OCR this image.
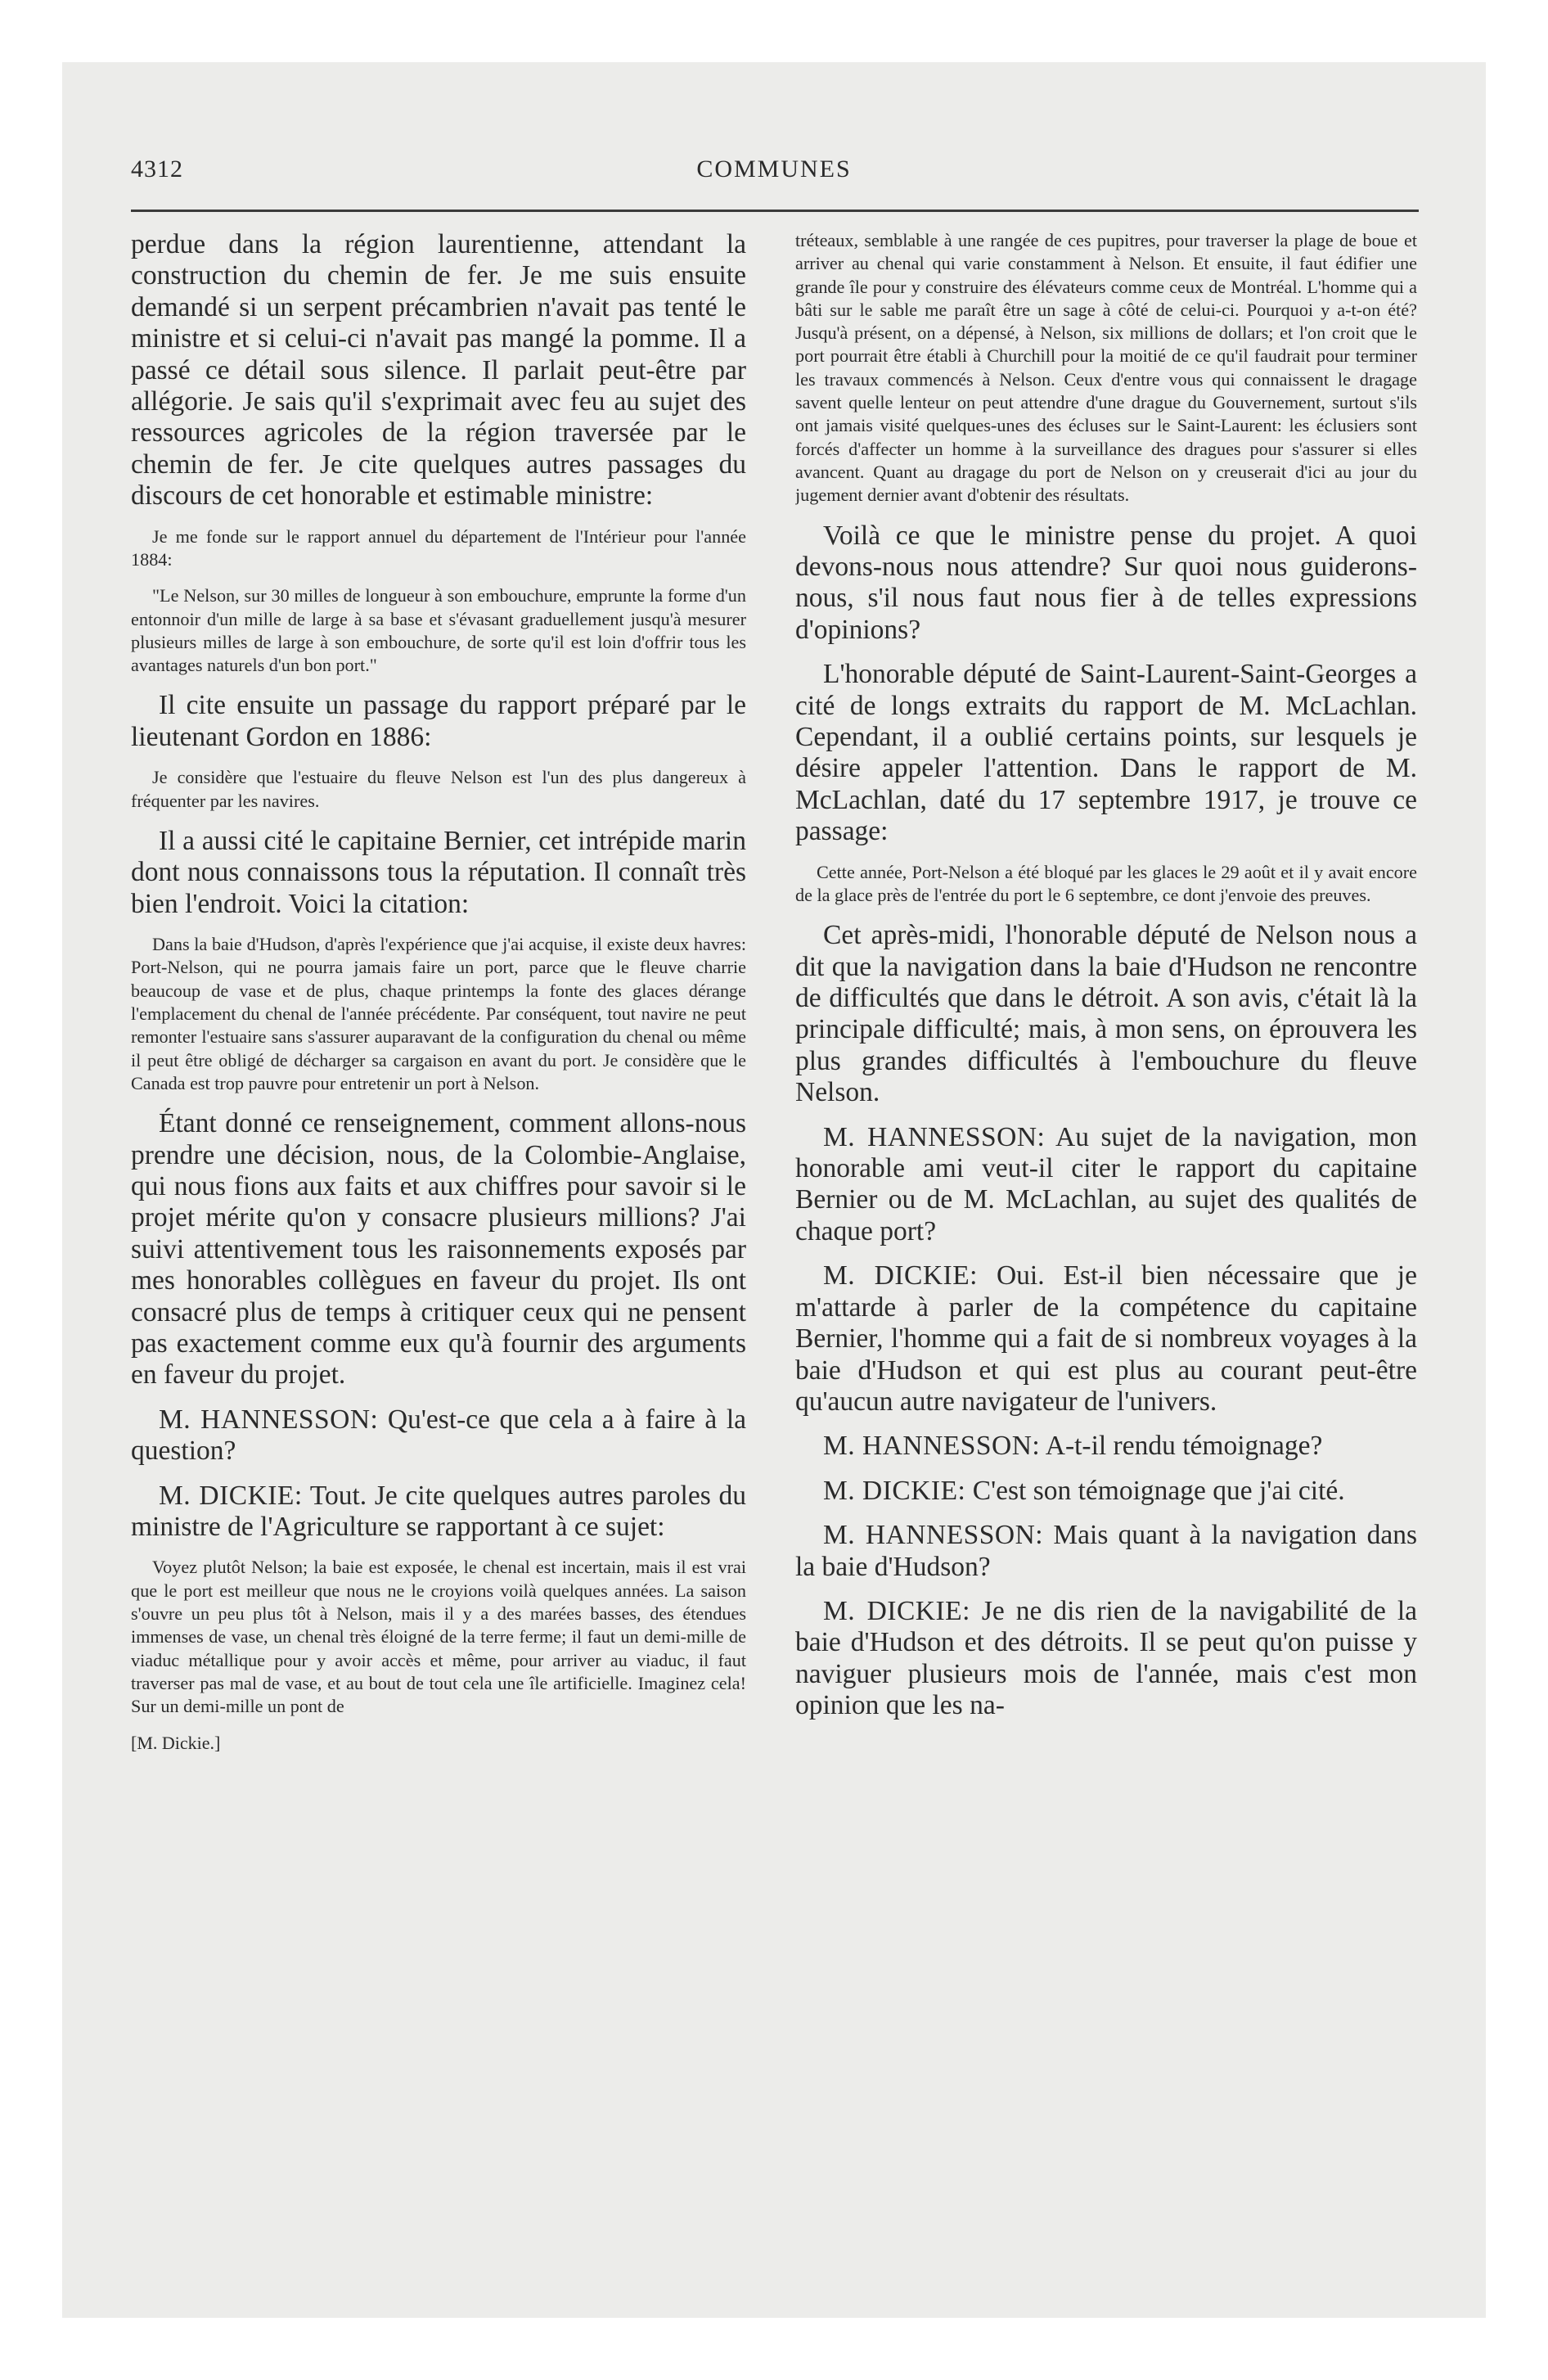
4312	COMMUNES

perdue dans la région laurentienne, attendant la construction du chemin de fer. Je me suis ensuite demandé si un serpent précambrien n'avait pas tenté le ministre et si celui-ci n'avait pas mangé la pomme. Il a passé ce détail sous silence. Il parlait peut-être par allégorie. Je sais qu'il s'exprimait avec feu au sujet des ressources agricoles de la région traversée par le chemin de fer. Je cite quelques autres passages du discours de cet honorable et estimable ministre:

Je me fonde sur le rapport annuel du département de l'Intérieur pour l'année 1884:

"Le Nelson, sur 30 milles de longueur à son embouchure, emprunte la forme d'un entonnoir d'un mille de large à sa base et s'évasant graduellement jusqu'à mesurer plusieurs milles de large à son embouchure, de sorte qu'il est loin d'offrir tous les avantages naturels d'un bon port."

Il cite ensuite un passage du rapport préparé par le lieutenant Gordon en 1886:

Je considère que l'estuaire du fleuve Nelson est l'un des plus dangereux à fréquenter par les navires.

Il a aussi cité le capitaine Bernier, cet intrépide marin dont nous connaissons tous la réputation. Il connaît très bien l'endroit. Voici la citation:

Dans la baie d'Hudson, d'après l'expérience que j'ai acquise, il existe deux havres: Port-Nelson, qui ne pourra jamais faire un port, parce que le fleuve charrie beaucoup de vase et de plus, chaque printemps la fonte des glaces dérange l'emplacement du chenal de l'année précédente. Par conséquent, tout navire ne peut remonter l'estuaire sans s'assurer auparavant de la configuration du chenal ou même il peut être obligé de décharger sa cargaison en avant du port. Je considère que le Canada est trop pauvre pour entretenir un port à Nelson.

Étant donné ce renseignement, comment allons-nous prendre une décision, nous, de la Colombie-Anglaise, qui nous fions aux faits et aux chiffres pour savoir si le projet mérite qu'on y consacre plusieurs millions? J'ai suivi attentivement tous les raisonnements exposés par mes honorables collègues en faveur du projet. Ils ont consacré plus de temps à critiquer ceux qui ne pensent pas exactement comme eux qu'à fournir des arguments en faveur du projet.

M. HANNESSON: Qu'est-ce que cela a à faire à la question?

M. DICKIE: Tout. Je cite quelques autres paroles du ministre de l'Agriculture se rapportant à ce sujet:

Voyez plutôt Nelson; la baie est exposée, le chenal est incertain, mais il est vrai que le port est meilleur que nous ne le croyions voilà quelques années. La saison s'ouvre un peu plus tôt à Nelson, mais il y a des marées basses, des étendues immenses de vase, un chenal très éloigné de la terre ferme; il faut un demi-mille de viaduc métallique pour y avoir accès et même, pour arriver au viaduc, il faut traverser pas mal de vase, et au bout de tout cela une île artificielle. Imaginez cela! Sur un demi-mille un pont de

[M. Dickie.]

tréteaux, semblable à une rangée de ces pupitres, pour traverser la plage de boue et arriver au chenal qui varie constamment à Nelson. Et ensuite, il faut édifier une grande île pour y construire des élévateurs comme ceux de Montréal. L'homme qui a bâti sur le sable me paraît être un sage à côté de celui-ci. Pourquoi y a-t-on été? Jusqu'à présent, on a dépensé, à Nelson, six millions de dollars; et l'on croit que le port pourrait être établi à Churchill pour la moitié de ce qu'il faudrait pour terminer les travaux commencés à Nelson. Ceux d'entre vous qui connaissent le dragage savent quelle lenteur on peut attendre d'une drague du Gouvernement, surtout s'ils ont jamais visité quelques-unes des écluses sur le Saint-Laurent: les éclusiers sont forcés d'affecter un homme à la surveillance des dragues pour s'assurer si elles avancent. Quant au dragage du port de Nelson on y creuserait d'ici au jour du jugement dernier avant d'obtenir des résultats.

Voilà ce que le ministre pense du projet. A quoi devons-nous nous attendre? Sur quoi nous guiderons-nous, s'il nous faut nous fier à de telles expressions d'opinions?

L'honorable député de Saint-Laurent-Saint-Georges a cité de longs extraits du rapport de M. McLachlan. Cependant, il a oublié certains points, sur lesquels je désire appeler l'attention. Dans le rapport de M. McLachlan, daté du 17 septembre 1917, je trouve ce passage:

Cette année, Port-Nelson a été bloqué par les glaces le 29 août et il y avait encore de la glace près de l'entrée du port le 6 septembre, ce dont j'envoie des preuves.

Cet après-midi, l'honorable député de Nelson nous a dit que la navigation dans la baie d'Hudson ne rencontre de difficultés que dans le détroit. A son avis, c'était là la principale difficulté; mais, à mon sens, on éprouvera les plus grandes difficultés à l'embouchure du fleuve Nelson.

M. HANNESSON: Au sujet de la navigation, mon honorable ami veut-il citer le rapport du capitaine Bernier ou de M. McLachlan, au sujet des qualités de chaque port?

M. DICKIE: Oui. Est-il bien nécessaire que je m'attarde à parler de la compétence du capitaine Bernier, l'homme qui a fait de si nombreux voyages à la baie d'Hudson et qui est plus au courant peut-être qu'aucun autre navigateur de l'univers.

M. HANNESSON: A-t-il rendu témoignage?

M. DICKIE: C'est son témoignage que j'ai cité.

M. HANNESSON: Mais quant à la navigation dans la baie d'Hudson?

M. DICKIE: Je ne dis rien de la navigabilité de la baie d'Hudson et des détroits. Il se peut qu'on puisse y naviguer plusieurs mois de l'année, mais c'est mon opinion que les na-
